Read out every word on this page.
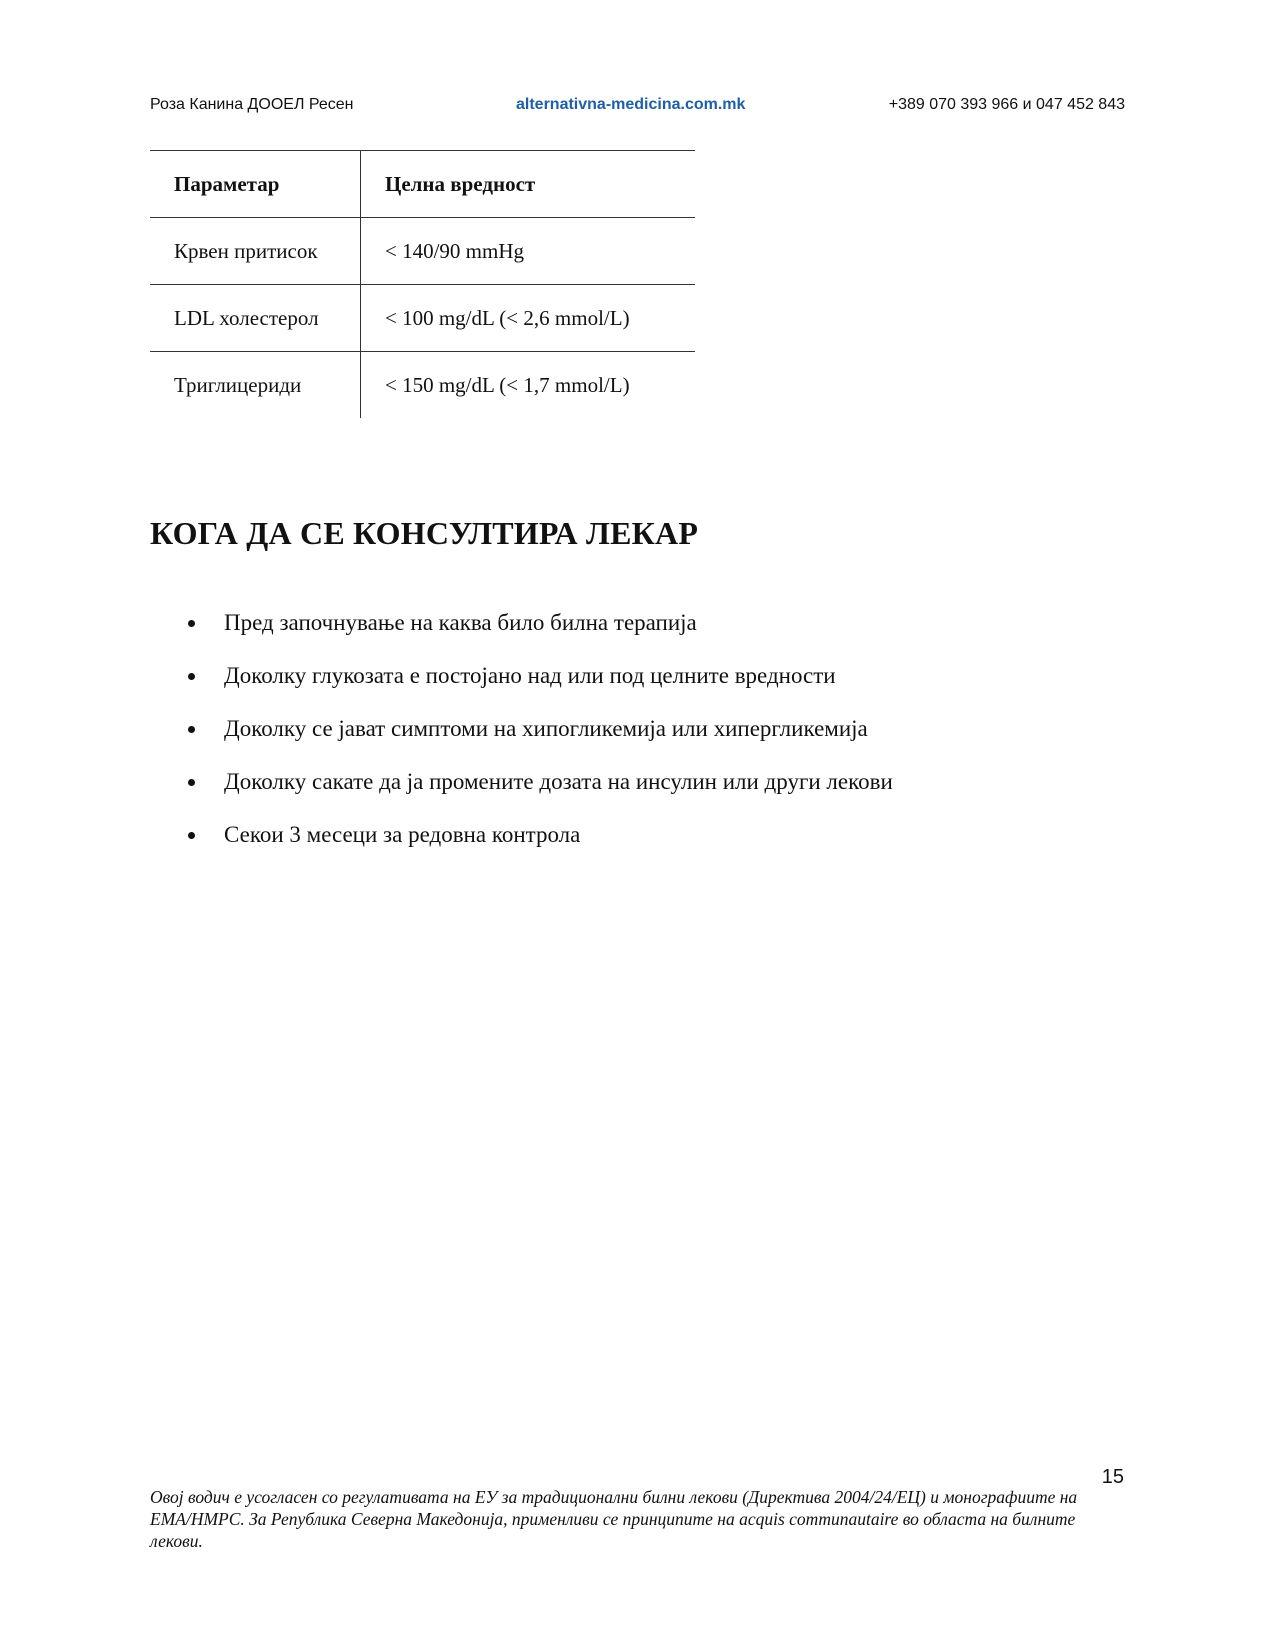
Роза Канина ДООЕЛ Ресен	alternativna-medicina.com.mk	+389 070 393 966 и 047 452 843
Параметар	Целна вредност
Крвен притисок	< 140/90 mmHg
LDL холестерол	< 100 mg/dL (< 2,6 mmol/L)
Триглицериди	< 150 mg/dL (< 1,7 mmol/L)
КОГА ДА СЕ КОНСУЛТИРА ЛЕКАР
Пред започнување на каква било билна терапија
Доколку глукозата е постојано над или под целните вредности
Доколку се јават симптоми на хипогликемија или хипергликемија
Доколку сакате да ја промените дозата на инсулин или други лекови
Секои 3 месеци за редовна контрола
15
Овој водич е усогласен со регулативата на ЕУ за традиционални билни лекови (Директива 2004/24/ЕЦ) и монографиите на EMA/HMPC. За Република Северна Македонија, применливи се принципите на acquis communautaire во областа на билните лекови.
